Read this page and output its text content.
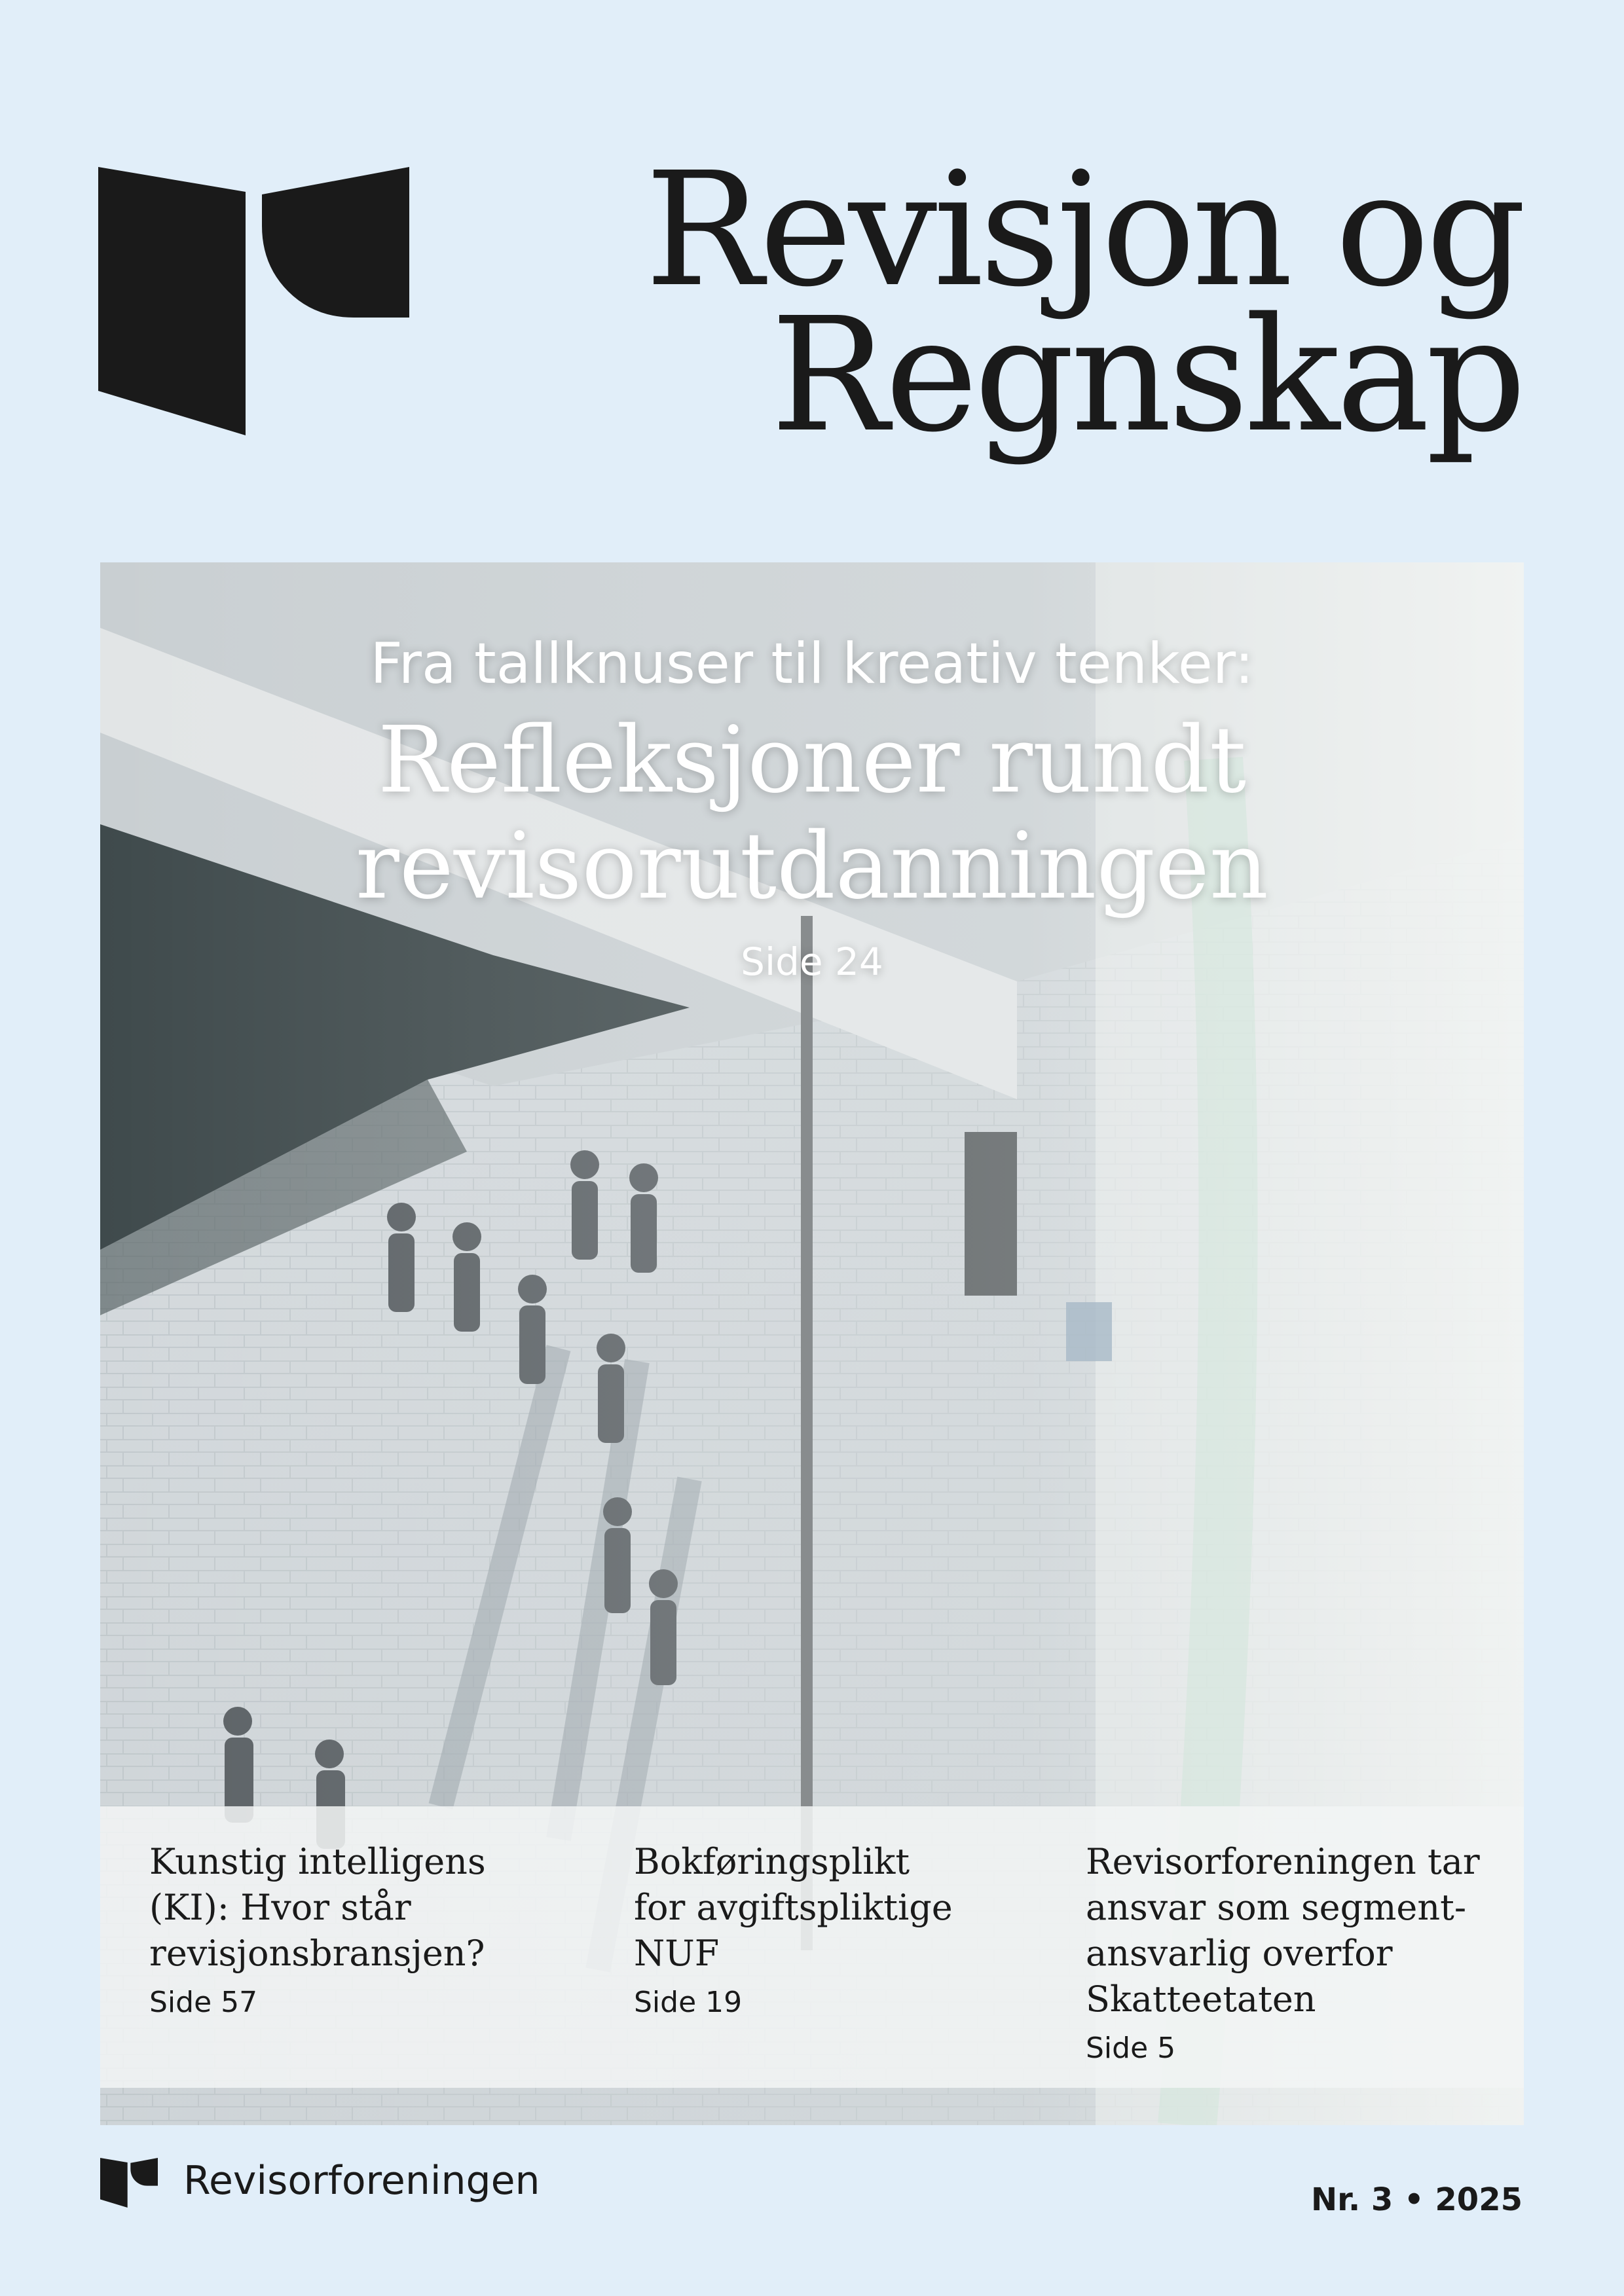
Revisjon og
Regnskap
Fra tallknuser til kreativ tenker:
Refleksjoner rundt
revisorutdanningen
Side 24

Kunstig intelligens
(KI): Hvor står
revisjonsbransjen?

Side 57

Bokføringsplikt
for avgiftspliktige
NUF

Side 19

Revisorforeningen tar
ansvar som segment-
ansvarlig overfor
Skatteetaten

Side 5
Revisorforeningen	Nr. 3 • 2025
